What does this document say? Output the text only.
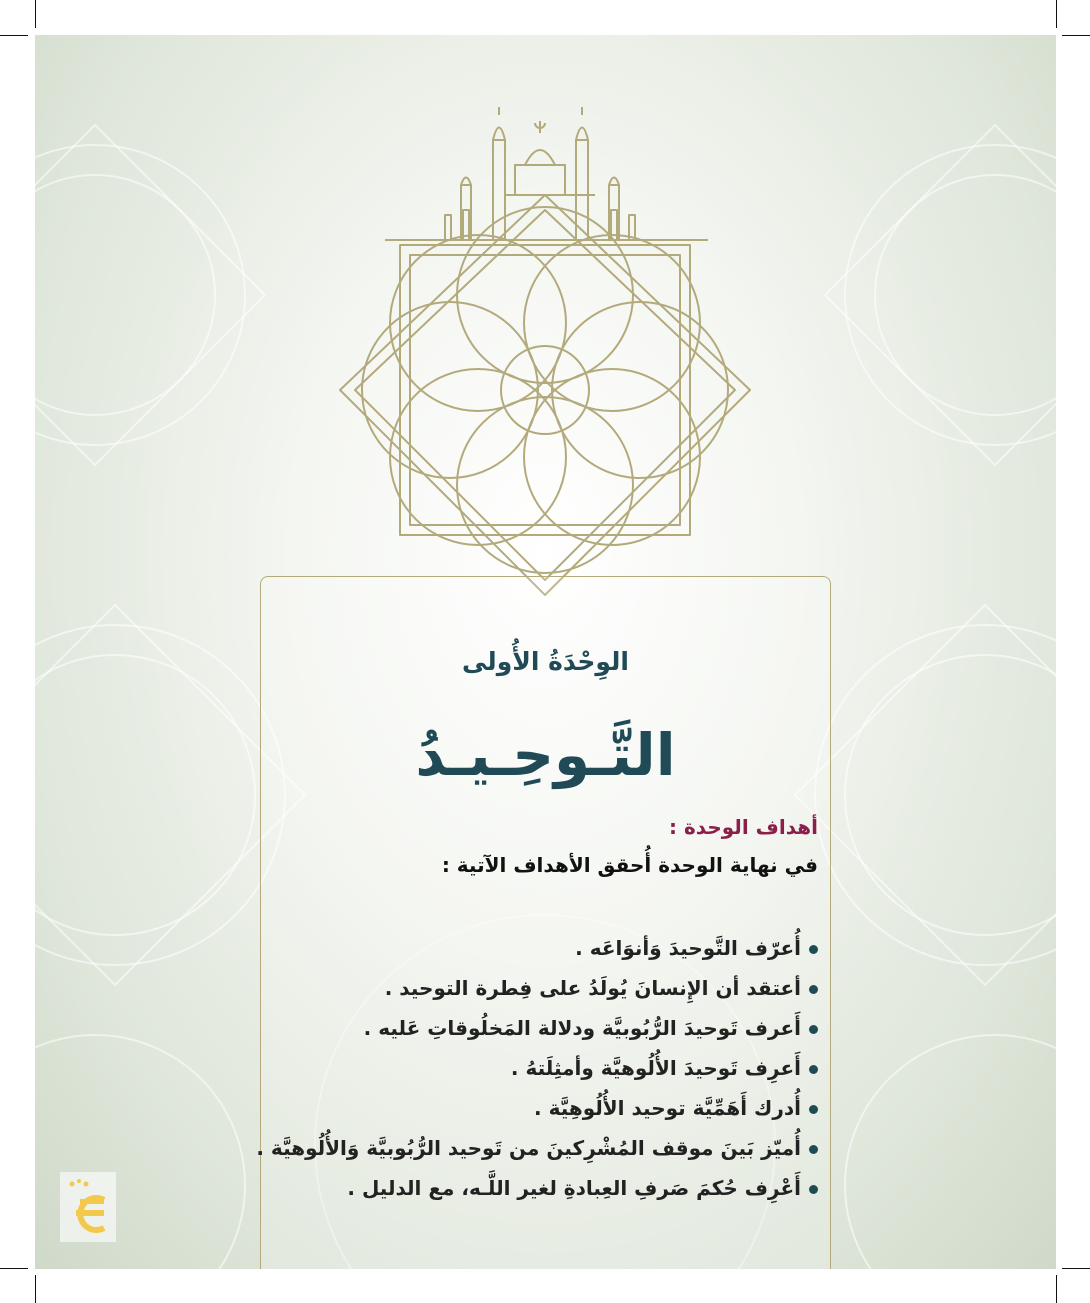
الوِحْدَةُ الأُولى
التَّـوحِـيـدُ
أهداف الوحدة :
في نهاية الوحدة أُحقق الأهداف الآتية :
أُعرّف التَّوحيدَ وَأنوَاعَه .
أعتقد أن الإِنسانَ يُولَدُ على فِطرة التوحيد .
أَعرف تَوحيدَ الرُّبُوبيَّة ودلالة المَخلُوقاتِ عَليه .
أَعرِف تَوحيدَ الأُلُوهيَّة وأمثِلَتهُ .
أُدرك أَهَمِّيَّة توحيد الأُلُوهِيَّة .
أُميّز بَينَ موقف المُشْرِكينَ من تَوحيد الرُّبُوبيَّة وَالأُلُوهيَّة .
أَعْرِف حُكمَ صَرفِ العِبادةِ لغير اللَّـه، مع الدليل .
